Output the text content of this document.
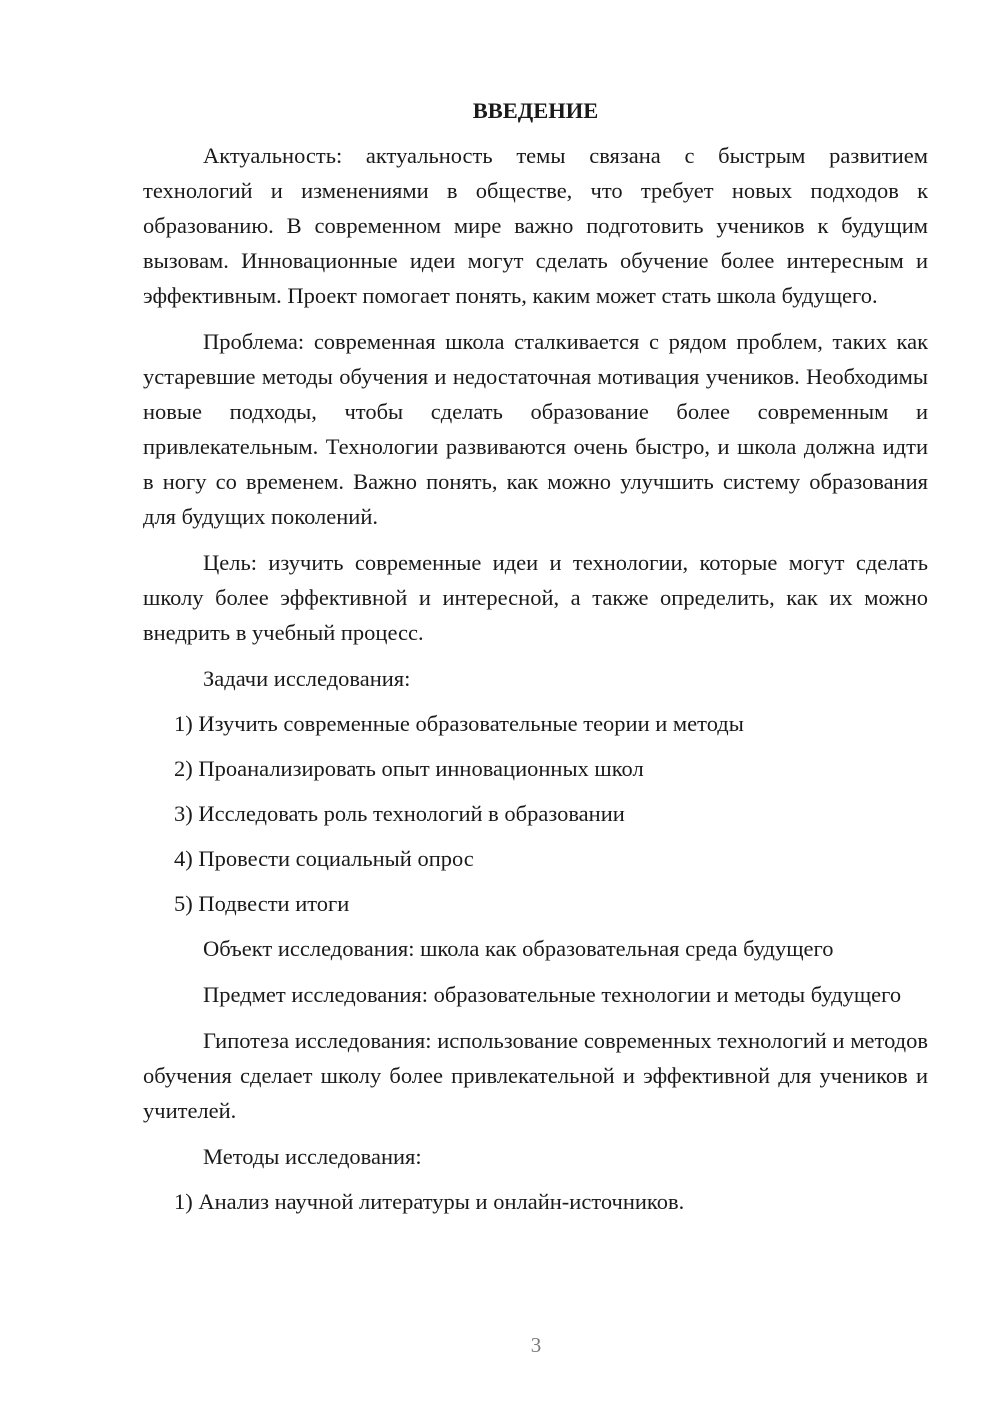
ВВЕДЕНИЕ

Актуальность: актуальность темы связана с быстрым развитием технологий и изменениями в обществе, что требует новых подходов к образованию. В современном мире важно подготовить учеников к будущим вызовам. Инновационные идеи могут сделать обучение более интересным и эффективным. Проект помогает понять, каким может стать школа будущего.

Проблема: современная школа сталкивается с рядом проблем, таких как устаревшие методы обучения и недостаточная мотивация учеников. Необходимы новые подходы, чтобы сделать образование более современным и привлекательным. Технологии развиваются очень быстро, и школа должна идти в ногу со временем. Важно понять, как можно улучшить систему образования для будущих поколений.

Цель: изучить современные идеи и технологии, которые могут сделать школу более эффективной и интересной, а также определить, как их можно внедрить в учебный процесс.

Задачи исследования:
1) Изучить современные образовательные теории и методы
2) Проанализировать опыт инновационных школ
3) Исследовать роль технологий в образовании
4) Провести социальный опрос
5) Подвести итоги

Объект исследования: школа как образовательная среда будущего

Предмет исследования: образовательные технологии и методы будущего

Гипотеза исследования: использование современных технологий и методов обучения сделает школу более привлекательной и эффективной для учеников и учителей.

Методы исследования:
1) Анализ научной литературы и онлайн-источников.
3
